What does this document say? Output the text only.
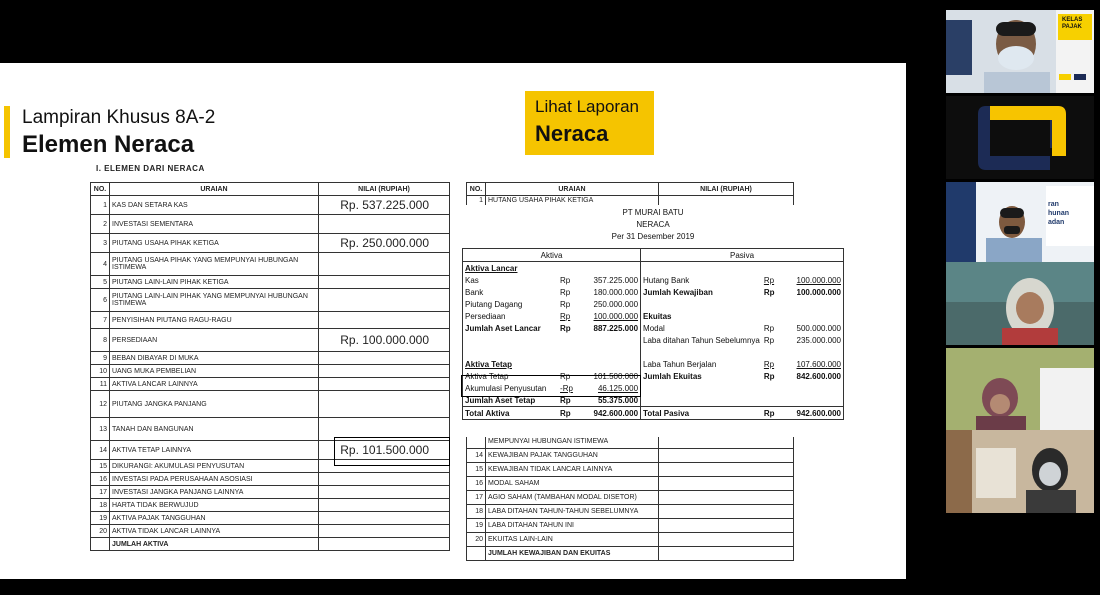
Lampiran Khusus 8A-2
Elemen Neraca
Lihat Laporan
Neraca
I. ELEMEN DARI NERACA
NO.	URAIAN	NILAI (RUPIAH)
1	KAS DAN SETARA KAS	Rp. 537.225.000
2	INVESTASI SEMENTARA	
3	PIUTANG USAHA PIHAK KETIGA	Rp. 250.000.000
4	PIUTANG USAHA PIHAK YANG MEMPUNYAI HUBUNGAN ISTIMEWA	
5	PIUTANG LAIN-LAIN PIHAK KETIGA	
6	PIUTANG LAIN-LAIN PIHAK YANG MEMPUNYAI HUBUNGAN ISTIMEWA	
7	PENYISIHAN PIUTANG RAGU-RAGU	
8	PERSEDIAAN	Rp. 100.000.000
9	BEBAN DIBAYAR DI MUKA	
10	UANG MUKA PEMBELIAN	
11	AKTIVA LANCAR LAINNYA	
12	PIUTANG JANGKA PANJANG	
13	TANAH DAN BANGUNAN	
14	AKTIVA TETAP LAINNYA	Rp. 101.500.000
15	DIKURANGI: AKUMULASI PENYUSUTAN	
16	INVESTASI PADA PERUSAHAAN ASOSIASI	
17	INVESTASI JANGKA PANJANG LAINNYA	
18	HARTA TIDAK BERWUJUD	
19	AKTIVA PAJAK TANGGUHAN	
20	AKTIVA TIDAK LANCAR LAINNYA	
	JUMLAH AKTIVA	
NO.	URAIAN	NILAI (RUPIAH)
1	HUTANG USAHA PIHAK KETIGA	

	MEMPUNYAI HUBUNGAN ISTIMEWA	
14	KEWAJIBAN PAJAK TANGGUHAN	
15	KEWAJIBAN TIDAK LANCAR LAINNYA	
16	MODAL SAHAM	
17	AGIO SAHAM (TAMBAHAN MODAL DISETOR)	
18	LABA DITAHAN TAHUN-TAHUN SEBELUMNYA	
19	LABA DITAHAN TAHUN INI	
20	EKUITAS LAIN-LAIN	
	JUMLAH KEWAJIBAN DAN EKUITAS	
PT MURAI BATU
NERACA
Per 31 Desember 2019
Aktiva			Pasiva		
Aktiva Lancar					
Kas	Rp	357.225.000	Hutang Bank	Rp	100.000.000
Bank	Rp	180.000.000	Jumlah Kewajiban	Rp	100.000.000
Piutang Dagang	Rp	250.000.000			
Persediaan	Rp	100.000.000	Ekuitas		
Jumlah Aset Lancar	Rp	887.225.000	Modal	Rp	500.000.000
			Laba ditahan Tahun Sebelumnya	Rp	235.000.000

Aktiva Tetap			Laba Tahun Berjalan	Rp	107.600.000
Aktiva Tetap	Rp	101.500.000	Jumlah Ekuitas	Rp	842.600.000
Akumulasi Penyusutan	-Rp	46.125.000			
Jumlah Aset Tetap	Rp	55.375.000			
Total Aktiva	Rp	942.600.000	Total Pasiva	Rp	942.600.000
KELAS
PAJAK
ran
hunan
adan
